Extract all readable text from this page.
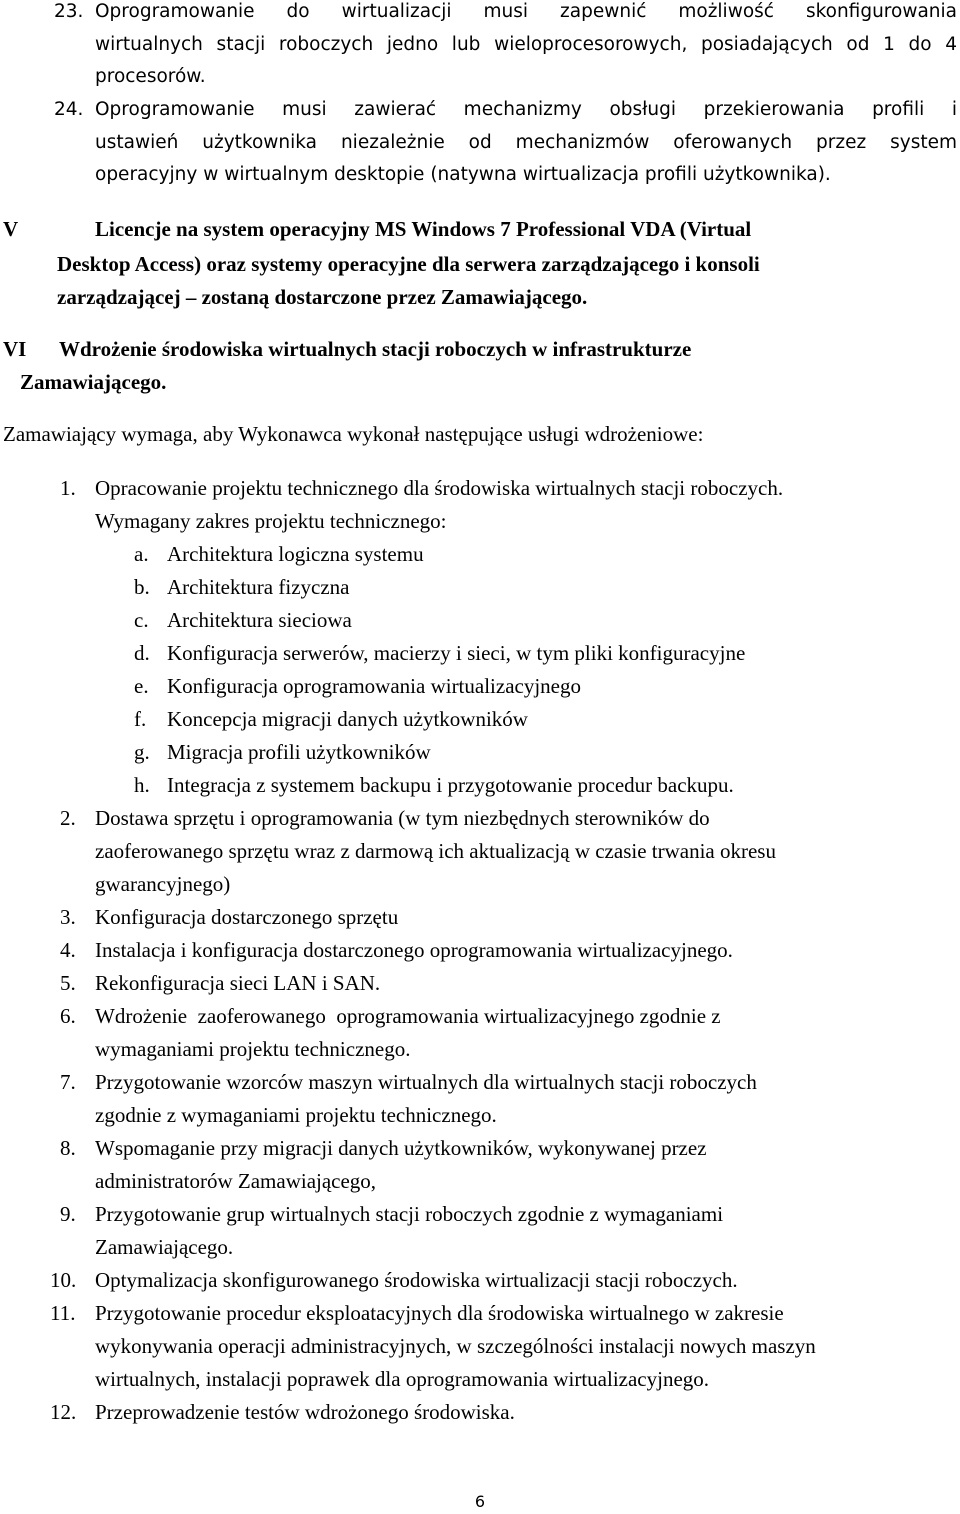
23. Oprogramowanie do wirtualizacji musi zapewnić możliwość skonfigurowania
wirtualnych stacji roboczych jedno lub wieloprocesorowych, posiadających od 1 do 4
procesorów.
24. Oprogramowanie musi zawierać mechanizmy obsługi przekierowania profili i
ustawień użytkownika niezależnie od mechanizmów oferowanych przez system
operacyjny w wirtualnym desktopie (natywna wirtualizacja profili użytkownika).
V	Licencje na system operacyjny MS Windows 7 Professional VDA (Virtual
Desktop Access) oraz systemy operacyjne dla serwera zarządzającego i konsoli
zarządzającej – zostaną dostarczone przez Zamawiającego.
VI Wdrożenie środowiska wirtualnych stacji roboczych w infrastrukturze
Zamawiającego.
Zamawiający wymaga, aby Wykonawca wykonał następujące usługi wdrożeniowe:
1. Opracowanie projektu technicznego dla środowiska wirtualnych stacji roboczych.
Wymagany zakres projektu technicznego:
a. Architektura logiczna systemu
b. Architektura fizyczna
c. Architektura sieciowa
d. Konfiguracja serwerów, macierzy i sieci, w tym pliki konfiguracyjne
e. Konfiguracja oprogramowania wirtualizacyjnego
f. Koncepcja migracji danych użytkowników
g. Migracja profili użytkowników
h. Integracja z systemem backupu i przygotowanie procedur backupu.
2. Dostawa sprzętu i oprogramowania (w tym niezbędnych sterowników do
zaoferowanego sprzętu wraz z darmową ich aktualizacją w czasie trwania okresu
gwarancyjnego)
3. Konfiguracja dostarczonego sprzętu
4. Instalacja i konfiguracja dostarczonego oprogramowania wirtualizacyjnego.
5. Rekonfiguracja sieci LAN i SAN.
6. Wdrożenie  zaoferowanego  oprogramowania wirtualizacyjnego zgodnie z
wymaganiami projektu technicznego.
7. Przygotowanie wzorców maszyn wirtualnych dla wirtualnych stacji roboczych
zgodnie z wymaganiami projektu technicznego.
8. Wspomaganie przy migracji danych użytkowników, wykonywanej przez
administratorów Zamawiającego,
9. Przygotowanie grup wirtualnych stacji roboczych zgodnie z wymaganiami
Zamawiającego.
10. Optymalizacja skonfigurowanego środowiska wirtualizacji stacji roboczych.
11. Przygotowanie procedur eksploatacyjnych dla środowiska wirtualnego w zakresie
wykonywania operacji administracyjnych, w szczególności instalacji nowych maszyn
wirtualnych, instalacji poprawek dla oprogramowania wirtualizacyjnego.
12. Przeprowadzenie testów wdrożonego środowiska.
6
